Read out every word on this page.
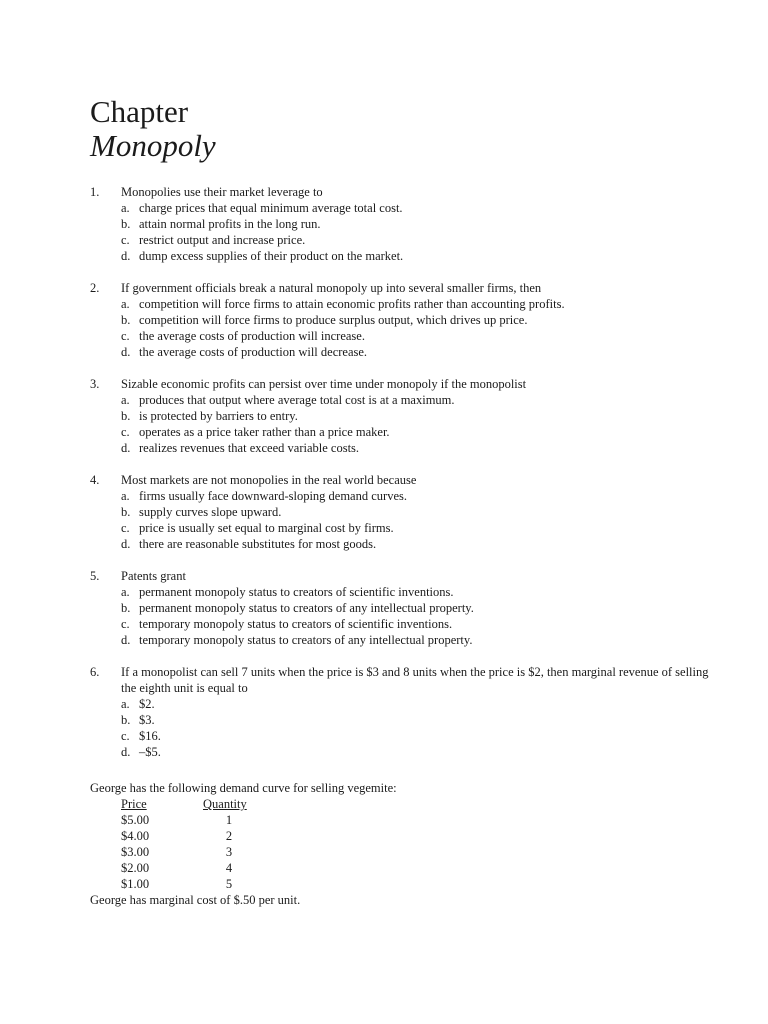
Chapter
Monopoly
1.	Monopolies use their market leverage to
a. charge prices that equal minimum average total cost.
b. attain normal profits in the long run.
c. restrict output and increase price.
d. dump excess supplies of their product on the market.
2.	If government officials break a natural monopoly up into several smaller firms, then
a. competition will force firms to attain economic profits rather than accounting profits.
b. competition will force firms to produce surplus output, which drives up price.
c. the average costs of production will increase.
d. the average costs of production will decrease.
3.	Sizable economic profits can persist over time under monopoly if the monopolist
a. produces that output where average total cost is at a maximum.
b. is protected by barriers to entry.
c. operates as a price taker rather than a price maker.
d. realizes revenues that exceed variable costs.
4.	Most markets are not monopolies in the real world because
a. firms usually face downward-sloping demand curves.
b. supply curves slope upward.
c. price is usually set equal to marginal cost by firms.
d. there are reasonable substitutes for most goods.
5.	Patents grant
a. permanent monopoly status to creators of scientific inventions.
b. permanent monopoly status to creators of any intellectual property.
c. temporary monopoly status to creators of scientific inventions.
d. temporary monopoly status to creators of any intellectual property.
6.	If a monopolist can sell 7 units when the price is $3 and 8 units when the price is $2, then marginal revenue of selling the eighth unit is equal to
a. $2.
b. $3.
c. $16.
d. –$5.
George has the following demand curve for selling vegemite:
Price	Quantity
$5.00	1
$4.00	2
$3.00	3
$2.00	4
$1.00	5
George has marginal cost of $.50 per unit.
